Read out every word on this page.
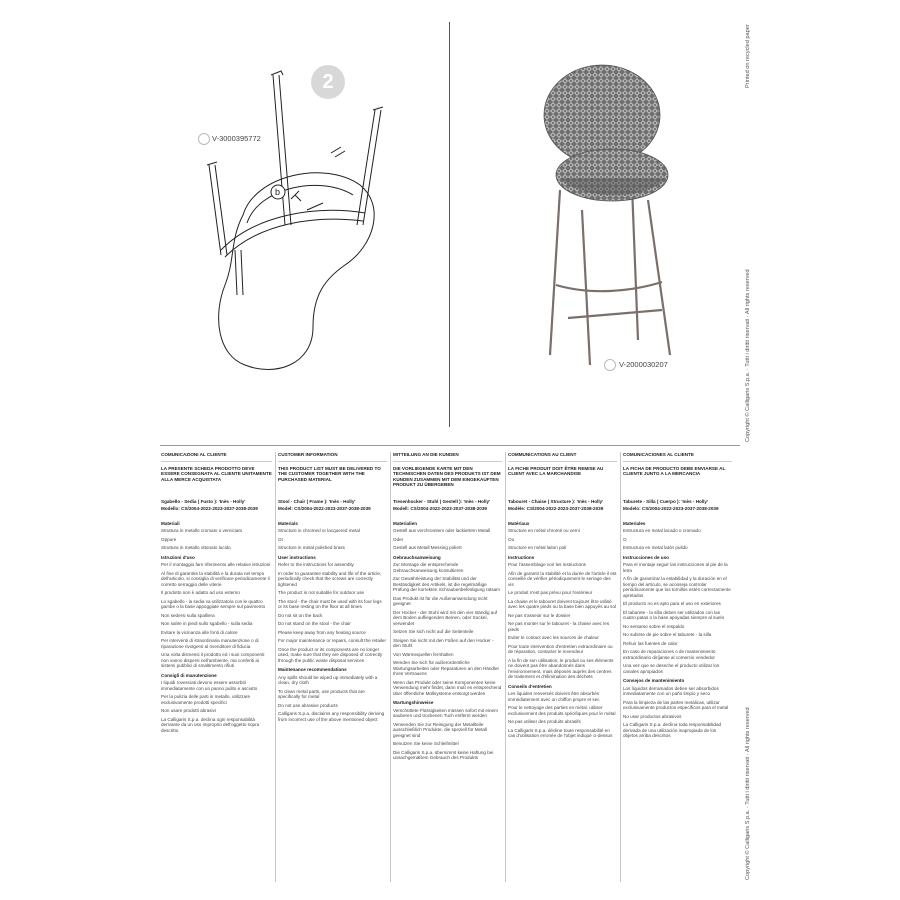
2
b
V-3000395772
V-2000030207
Printed on recycled paper
Copyright © Calligaris S.p.a. · Tutti i diritti riservati · All rights reserved
Copyright © Calligaris S.p.a. · Tutti i diritti riservati · All rights reserved
COMUNICAZIONI AL CLIENTE
LA PRESENTE SCHEDA PRODOTTO DEVE ESSERE CONSEGNATA AL CLIENTE UNITAMENTE ALLA MERCE ACQUISTATA
Sgabello - Sedia ( Fusto ): 'Inès - Holly'
Modello: CS/2004-2022-2023-2037-2038-2039
Materiali
Struttura in metallo cromato o verniciato
Oppure
Struttura in metallo ottonato lucido
Istruzioni d'uso
Per il montaggio fare riferimento alle relative istruzioni
Al fine di garantire la stabilità e la durata nel tempo dell'articolo, si consiglia di verificare periodicamente il corretto serraggio delle viterie
Il prodotto non è adatto ad uso esterno
Lo sgabello - la sedia va utilizzato/a con le quattro gambe o la base appoggiate sempre sul pavimento
Non sedersi sulla spalliera
Non salire in piedi sullo sgabello - sulla sedia
Evitare la vicinanza alle fonti di calore
Per interventi di straordinaria manutenzione o di riparazione rivolgersi al rivenditore di fiducia
Una volta dismessi il prodotto ed i suoi componenti non vanno dispersi nell'ambiente, ma conferiti ai sistemi pubblici di smaltimento rifiuti
Consigli di manutenzione
I liquidi rovesciati devono essere assorbiti immediatamente con un panno pulito e asciutto
Per la pulizia delle parti in metallo, utilizzare esclusivamente prodotti specifici
Non usare prodotti abrasivi
La Calligaris S.p.a. declina ogni responsabilità derivante da un uso improprio dell'oggetto sopra descritto
CUSTOMER INFORMATION
THIS PRODUCT LIST MUST BE DELIVERED TO THE CUSTOMER TOGETHER WITH THE PURCHASED MATERIAL
Stool - Chair ( Frame ): 'Inès - Holly'
Model: CS/2004-2022-2023-2037-2038-2039
Materials
Structure in chromed or lacquered metal
Or
Structure in metal polished brass
User instructions
Refer to the instructions for assembly
In order to guarantee stability and life of the article, periodically check that the screws are correctly tightened
The product is not suitable for outdoor use
The stool - the chair must be used with its four legs or its base resting on the floor at all times
Do not sit on the back
Do not stand on the stool - the chair
Please keep away from any heating source
For major maintenance or repairs, consult the retailer
Once the product or its components are no longer used, make sure that they are disposed of correctly through the public waste disposal services
Maintenance recommendations
Any spills should be wiped up immediately with a clean, dry cloth
To clean metal parts, use products that are specifically for metal
Do not use abrasive products
Calligaris S.p.a. disclaims any responsibility deriving from incorrect use of the above mentioned object
MITTEILUNG AN DIE KUNDEN
DIE VORLIEGENDE KARTE MIT DEN TECHNISCHEN DATEN DES PRODUKTS IST DEM KUNDEN ZUSAMMEN MIT DEM EINGEKAUFTEN PRODUKT ZU ÜBERGEBEN
Tresenhocker - Stuhl ( Gestell ): 'Inès - Holly'
Modell: CS/2004-2022-2023-2037-2038-2039
Materialien
Gestell aus verchromtem oder lackiertem Metall
Oder
Gestell aus Metall Messing poliert
Gebrauchsanweisung
Zur Montage die entsprechende Gebrauchsanweisung konsultieren
Zur Gewährleistung der Stabilität und der Beständigkeit des Artikels, ist die regelmäßige Prüfung der korrekten Schraubenbefestigung ratsam
Das Produkt ist für die Außenanwendung nicht geeignet
Der Hocker - der Stuhl wird mit den vier ständig auf dem Boden aufliegenden Beinen, oder Sockel, verwendet
Setzen Sie sich nicht auf die Seitenteile
Steigen Sie nicht mit den Füßen auf den Hocker - den Stuhl
Von Wärmequellen fernhalten
Wenden Sie sich für außerordentliche Wartungsarbeiten oder Reparaturen an den Händler Ihres Vertrauens
Wenn das Produkt oder seine Komponenten keine Verwendung mehr findet, dann muß es entsprechend über öffentliche Müllsysteme entsorgt werden
Wartungshinweise
Verschüttete Flüssigkeiten müssen sofort mit einem sauberen und trockenen Tuch entfernt werden
Verwenden Sie zur Reinigung der Metallteile ausschließlich Produkte, die speziell für Metall geeignet sind
Benutzen Sie keine Schleifmittel
Die Calligaris S.p.a. übernimmt keine Haftung bei unsachgemäßem Gebrauch des Produkts
COMMUNICATIONS AU CLIENT
LA FICHE PRODUIT DOIT ÊTRE REMISE AU CLIENT AVEC LA MARCHANDISE
Tabouret - Chaise ( Structure ): 'Inès - Holly'
Modèle: CS/2004-2022-2023-2037-2038-2039
Matériaux
Structure en métal chromé ou verni
Ou
Structure en métal laiton poli
Instructions
Pour l'assemblage voir les instructions
Afin de garantir la stabilité et la durée de l'article il est conseillé de vérifier périodiquement le serrage des vis
Le produit n'est pas prévu pour l'extérieur
La chaise et le tabouret doivent toujours être utilisé avec les quatre pieds ou la base bien appuyés au sol
Ne pas s'asseoir sur le dossier
Ne pas monter sur le tabouret - la chaise avec les pieds
Eviter le contact avec les sources de chaleur
Pour toute intervention d'entretien extraordinaire ou de réparation, contacter le revendeur
A la fin de son utilisation, le produit ou ses éléments ne doivent pas être abandonnés dans l'environnement, mais déposés auprès des centres de traitement et d'élimination des déchets
Conseils d'entretien
Les liquides renversés doivent être absorbés immédiatement avec un chiffon propre et sec
Pour le nettoyage des parties en métal, utiliser exclusivement des produits spécifiques pour le métal
Ne pas utiliser des produits abrasifs
La Calligaris S.p.a. décline toute responsabilité en cas d'utilisation erronée de l'objet indiqué ci-dessus
COMUNICACIONES AL CLIENTE
LA FICHA DE PRODUCTO DEBE ENVIARSE AL CLIENTE JUNTO A LA MERCANCIA
Taburete - Silla ( Cuerpo ): 'Inès - Holly'
Modelo: CS/2004-2022-2023-2037-2038-2039
Materiales
Estructura en metal lacado o cromado
O
Estructura en metal latón pulido
Instrucciones de uso
Para el montaje seguir las instrucciones al pie de la letra
A fin de garantizar la estabilidad y la duración en el tiempo del artículo, se aconseja controlar periódicamente que los tornillos estén correctamente apretados
El producto no es apto para el uso en exteriores
El taburete - la silla deben ser utilizados con las cuatro patas o la base apoyadas siempre al suelo
No sentarse sobre el respaldo
No subirse de pie sobre el taburete - la silla
Rehuir las fuentes de calor
En caso de reparaciones o de mantenimiento extraordinario diríjanse al comercio vendedor
Una vez que se deseche el producto utilizar los canales apropiados
Consejos de mantenimiento
Los líquidos derramados deben ser absorbidos inmediatamente con un paño limpio y seco
Para la limpieza de las partes metálicas, utilizar exclusivamente productos específicos para el metal
No usar productos abrasivos
La Calligaris S.p.a. declina toda responsabilidad derivada de una utilización inapropiada de los objetos arriba descritos
